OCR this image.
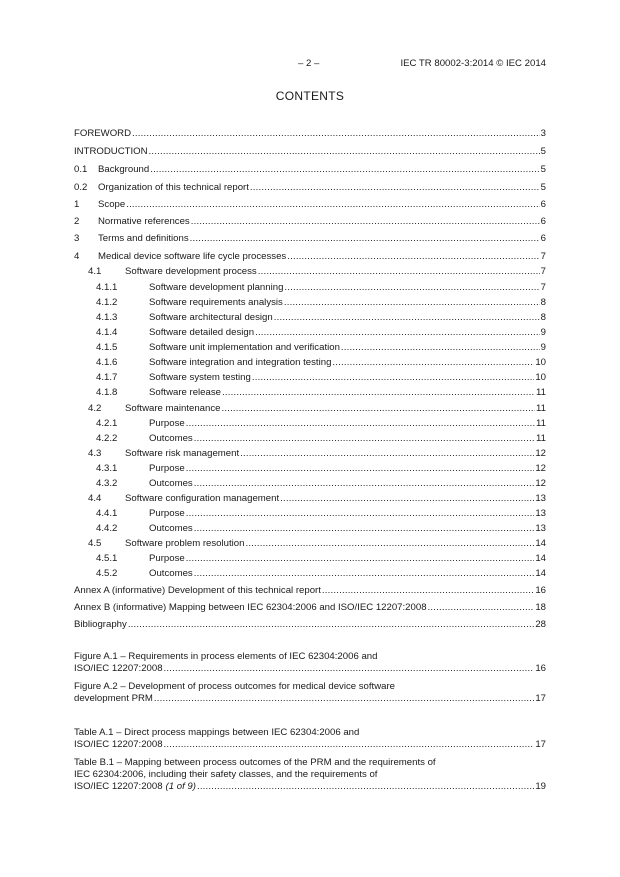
– 2 –	IEC TR 80002-3:2014 © IEC 2014
CONTENTS
FOREWORD .....	3
INTRODUCTION .....	5
0.1	Background .....	5
0.2	Organization of this technical report .....	5
1	Scope .....	6
2	Normative references .....	6
3	Terms and definitions .....	6
4	Medical device software life cycle processes .....	7
4.1	Software development process .....	7
4.1.1	Software development planning .....	7
4.1.2	Software requirements analysis .....	8
4.1.3	Software architectural design .....	8
4.1.4	Software detailed design .....	9
4.1.5	Software unit implementation and verification .....	9
4.1.6	Software integration and integration testing .....	10
4.1.7	Software system testing .....	10
4.1.8	Software release .....	11
4.2	Software maintenance .....	11
4.2.1	Purpose .....	11
4.2.2	Outcomes .....	11
4.3	Software risk management .....	12
4.3.1	Purpose .....	12
4.3.2	Outcomes .....	12
4.4	Software configuration management .....	13
4.4.1	Purpose .....	13
4.4.2	Outcomes .....	13
4.5	Software problem resolution .....	14
4.5.1	Purpose .....	14
4.5.2	Outcomes .....	14
Annex A (informative) Development of this technical report .....	16
Annex B (informative) Mapping between IEC 62304:2006 and ISO/IEC 12207:2008 .....	18
Bibliography .....	28
Figure A.1 – Requirements in process elements of IEC 62304:2006 and
ISO/IEC 12207:2008 .....	16
Figure A.2 – Development of process outcomes for medical device software
development PRM .....	17
Table A.1 – Direct process mappings between IEC 62304:2006 and
ISO/IEC 12207:2008 .....	17
Table B.1 – Mapping between process outcomes of the PRM and the requirements of
IEC 62304:2006, including their safety classes, and the requirements of
ISO/IEC 12207:2008 (1 of 9) .....	19
